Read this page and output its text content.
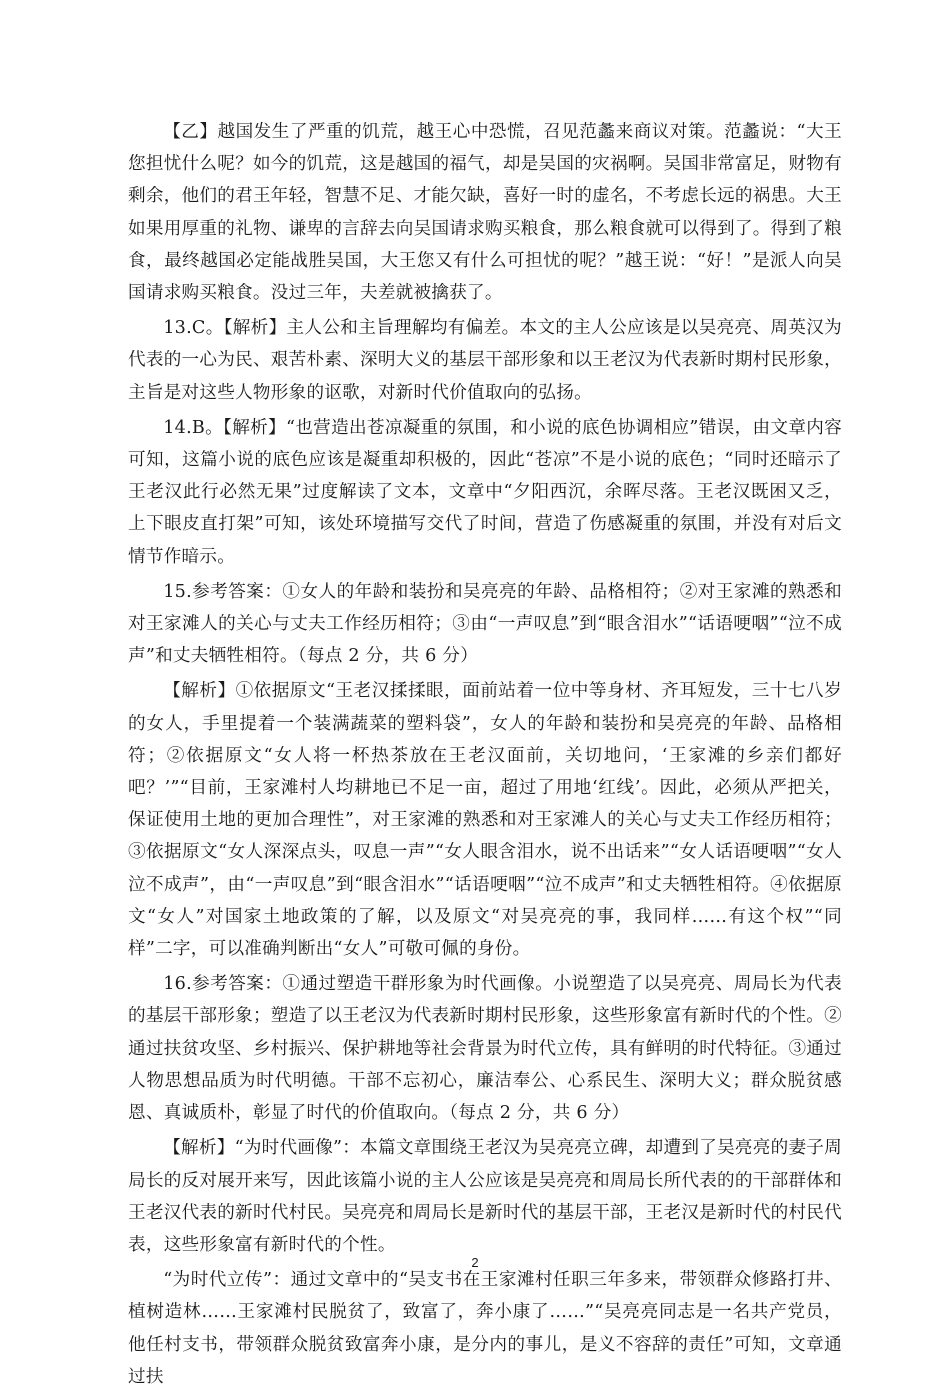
【乙】越国发生了严重的饥荒，越王心中恐慌，召见范蠡来商议对策。范蠡说：“大王您担忧什么呢？如今的饥荒，这是越国的福气，却是吴国的灾祸啊。吴国非常富足，财物有剩余，他们的君王年轻，智慧不足、才能欠缺，喜好一时的虚名，不考虑长远的祸患。大王如果用厚重的礼物、谦卑的言辞去向吴国请求购买粮食，那么粮食就可以得到了。得到了粮食，最终越国必定能战胜吴国，大王您又有什么可担忧的呢？”越王说：“好！”是派人向吴国请求购买粮食。没过三年，夫差就被擒获了。

13.C。【解析】主人公和主旨理解均有偏差。本文的主人公应该是以吴亮亮、周英汉为代表的一心为民、艰苦朴素、深明大义的基层干部形象和以王老汉为代表新时期村民形象，主旨是对这些人物形象的讴歌，对新时代价值取向的弘扬。

14.B。【解析】“也营造出苍凉凝重的氛围，和小说的底色协调相应”错误，由文章内容可知，这篇小说的底色应该是凝重却积极的，因此“苍凉”不是小说的底色；“同时还暗示了王老汉此行必然无果”过度解读了文本，文章中“夕阳西沉，余晖尽落。王老汉既困又乏，上下眼皮直打架”可知，该处环境描写交代了时间，营造了伤感凝重的氛围，并没有对后文情节作暗示。

15.参考答案：①女人的年龄和装扮和吴亮亮的年龄、品格相符；②对王家滩的熟悉和对王家滩人的关心与丈夫工作经历相符；③由“一声叹息”到“眼含泪水”“话语哽咽”“泣不成声”和丈夫牺牲相符。（每点 2 分，共 6 分）

【解析】①依据原文“王老汉揉揉眼，面前站着一位中等身材、齐耳短发，三十七八岁的女人，手里提着一个装满蔬菜的塑料袋”，女人的年龄和装扮和吴亮亮的年龄、品格相符；②依据原文“女人将一杯热茶放在王老汉面前，关切地问，‘王家滩的乡亲们都好吧？’”“目前，王家滩村人均耕地已不足一亩，超过了用地‘红线’。因此，必须从严把关，保证使用土地的更加合理性”，对王家滩的熟悉和对王家滩人的关心与丈夫工作经历相符；③依据原文“女人深深点头，叹息一声”“女人眼含泪水，说不出话来”“女人话语哽咽”“女人泣不成声”，由“一声叹息”到“眼含泪水”“话语哽咽”“泣不成声”和丈夫牺牲相符。④依据原文“女人”对国家土地政策的了解，以及原文“对吴亮亮的事，我同样……有这个权”“同样”二字，可以准确判断出“女人”可敬可佩的身份。

16.参考答案：①通过塑造干群形象为时代画像。小说塑造了以吴亮亮、周局长为代表的基层干部形象；塑造了以王老汉为代表新时期村民形象，这些形象富有新时代的个性。②通过扶贫攻坚、乡村振兴、保护耕地等社会背景为时代立传，具有鲜明的时代特征。③通过人物思想品质为时代明德。干部不忘初心，廉洁奉公、心系民生、深明大义；群众脱贫感恩、真诚质朴，彰显了时代的价值取向。（每点 2 分，共 6 分）

【解析】“为时代画像”：本篇文章围绕王老汉为吴亮亮立碑，却遭到了吴亮亮的妻子周局长的反对展开来写，因此该篇小说的主人公应该是吴亮亮和周局长所代表的的干部群体和王老汉代表的新时代村民。吴亮亮和周局长是新时代的基层干部，王老汉是新时代的村民代表，这些形象富有新时代的个性。

“为时代立传”：通过文章中的“吴支书在王家滩村任职三年多来，带领群众修路打井、植树造林……王家滩村民脱贫了，致富了，奔小康了……”“吴亮亮同志是一名共产党员，他任村支书，带领群众脱贫致富奔小康，是分内的事儿，是义不容辞的责任”可知，文章通过扶

2
